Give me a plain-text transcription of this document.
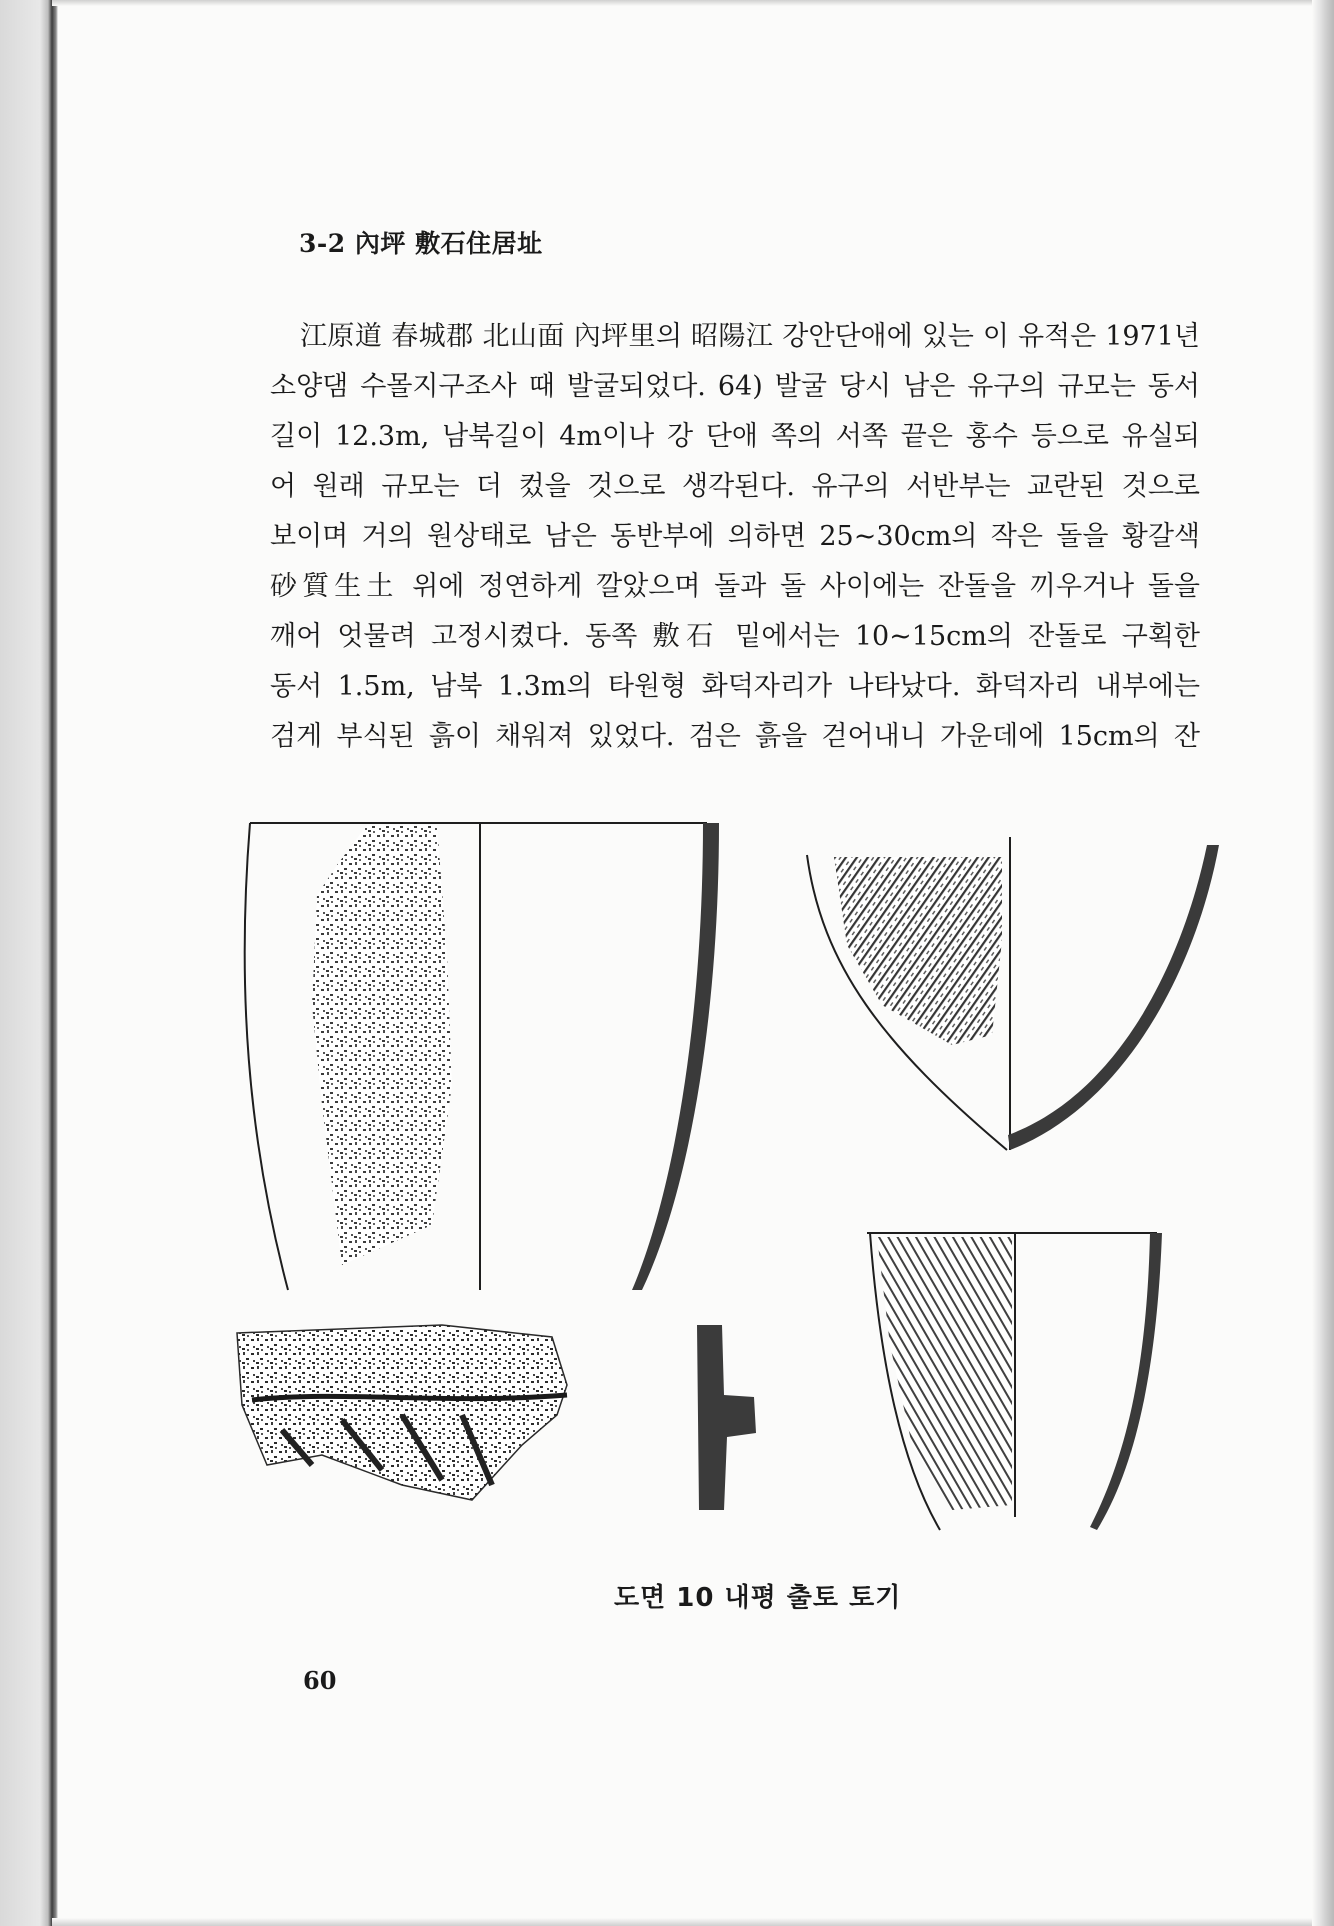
3-2 內坪 敷石住居址
江原道 春城郡 北山面 內坪里의 昭陽江 강안단애에 있는 이 유적은 1971년
소양댐 수몰지구조사 때 발굴되었다. 64) 발굴 당시 남은 유구의 규모는 동서
길이 12.3m, 남북길이 4m이나 강 단애 쪽의 서쪽 끝은 홍수 등으로 유실되
어 원래 규모는 더 컸을 것으로 생각된다. 유구의 서반부는 교란된 것으로
보이며 거의 원상태로 남은 동반부에 의하면 25~30cm의 작은 돌을 황갈색
砂質生土 위에 정연하게 깔았으며 돌과 돌 사이에는 잔돌을 끼우거나 돌을
깨어 엇물려 고정시켰다. 동쪽 敷石 밑에서는 10~15cm의 잔돌로 구획한
동서 1.5m, 남북 1.3m의 타원형 화덕자리가 나타났다. 화덕자리 내부에는
검게 부식된 흙이 채워져 있었다. 검은 흙을 걷어내니 가운데에 15cm의 잔
도면 10 내평 출토 토기
60
